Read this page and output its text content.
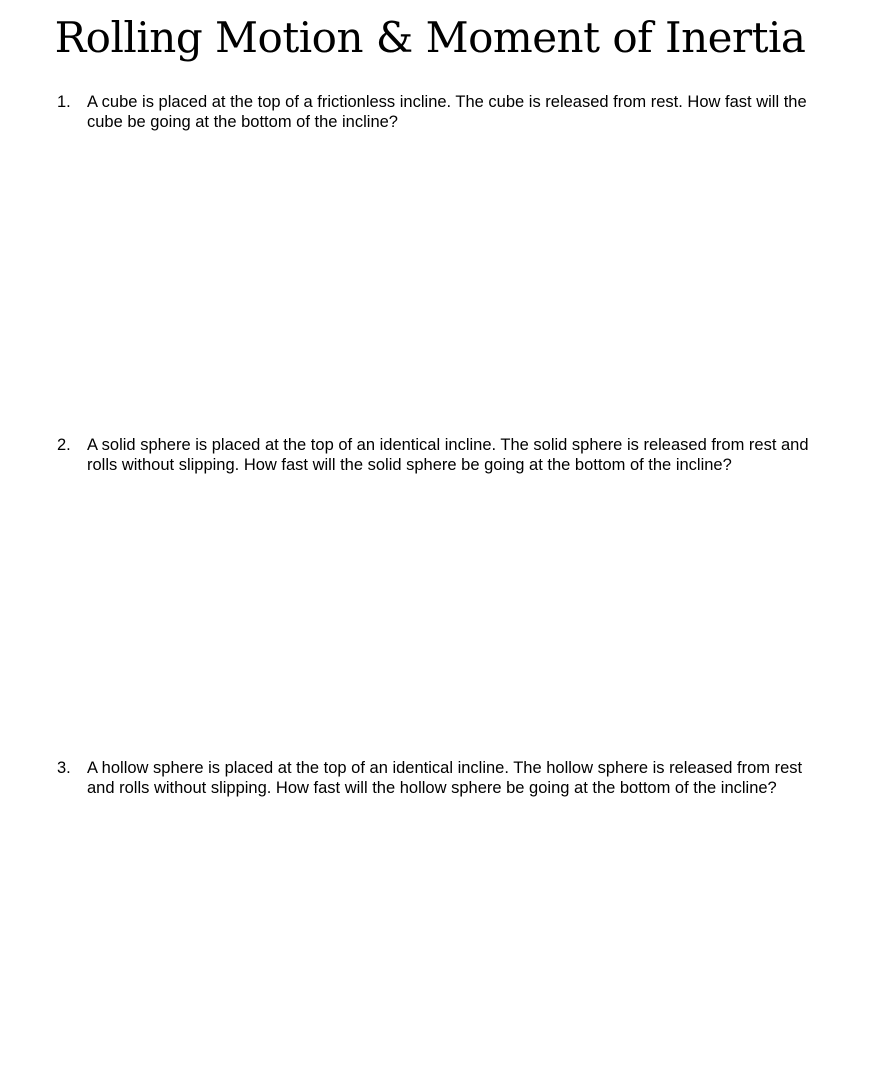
Rolling Motion & Moment of Inertia
1. A cube is placed at the top of a frictionless incline. The cube is released from rest. How fast will the cube be going at the bottom of the incline?
2. A solid sphere is placed at the top of an identical incline. The solid sphere is released from rest and rolls without slipping. How fast will the solid sphere be going at the bottom of the incline?
3. A hollow sphere is placed at the top of an identical incline. The hollow sphere is released from rest and rolls without slipping. How fast will the hollow sphere be going at the bottom of the incline?
